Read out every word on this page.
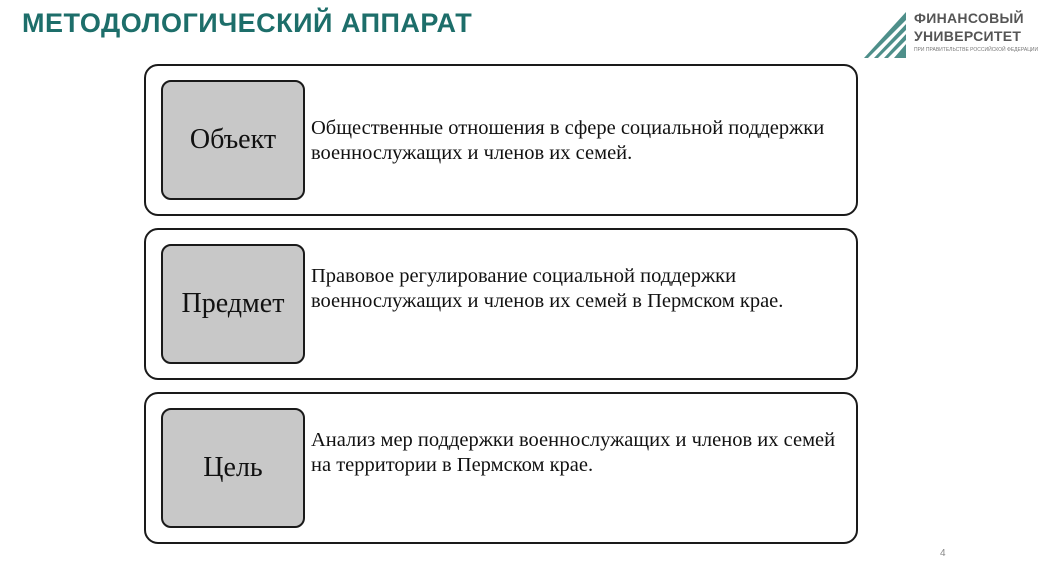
МЕТОДОЛОГИЧЕСКИЙ АППАРАТ	ФИНАНСОВЫЙ
УНИВЕРСИТЕТ
ПРИ ПРАВИТЕЛЬСТВЕ РОССИЙСКОЙ ФЕДЕРАЦИИ
Объект	Общественные отношения в сфере социальной поддержки военнослужащих и членов их семей.
Предмет
Правовое регулирование социальной поддержки военнослужащих и членов их семей в Пермском крае.
Цель
Анализ мер поддержки военнослужащих и членов их семей на территории в Пермском крае.
4
